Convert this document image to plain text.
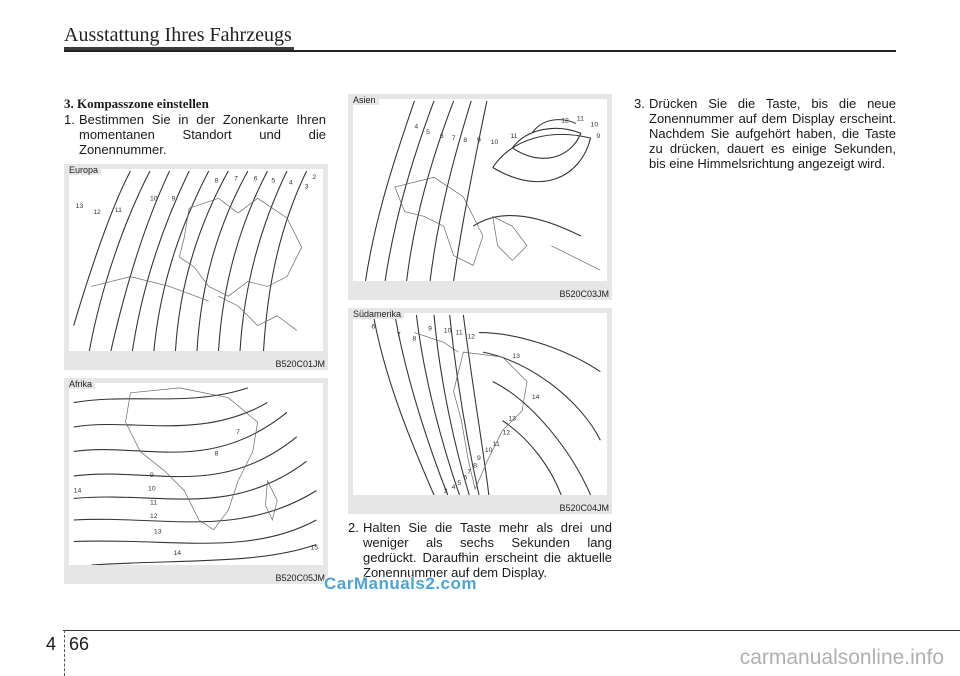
Ausstattung Ihres Fahrzeugs
3. Kompasszone einstellen
1. Bestimmen Sie in der Zonenkarte Ihren momentanen Standort und die Zonennummer.
13
12 11
10 9
8 7 6 5 4
3
2
Europa
B520C01JM
7
8
9
10
11
12
13
14
15
14
Afrika
B520C05JM
4
5
6 7 8 9 10
11
12 11
10
9
Asien
B520C03JM
6
7
8
9 10 11
12
13
14
13
12
11
10
9
8
7
6
5
4
3
Südamerika
B520C04JM
2. Halten Sie die Taste mehr als drei und weniger als sechs Sekunden lang gedrückt. Daraufhin erscheint die aktuelle Zonennummer auf dem Display.
3. Drücken Sie die Taste, bis die neue Zonennummer auf dem Display erscheint. Nachdem Sie aufgehört haben, die Taste zu drücken, dauert es einige Sekunden, bis eine Himmelsrichtung angezeigt wird.
CarManuals2.com
4 66
carmanualsonline.info
